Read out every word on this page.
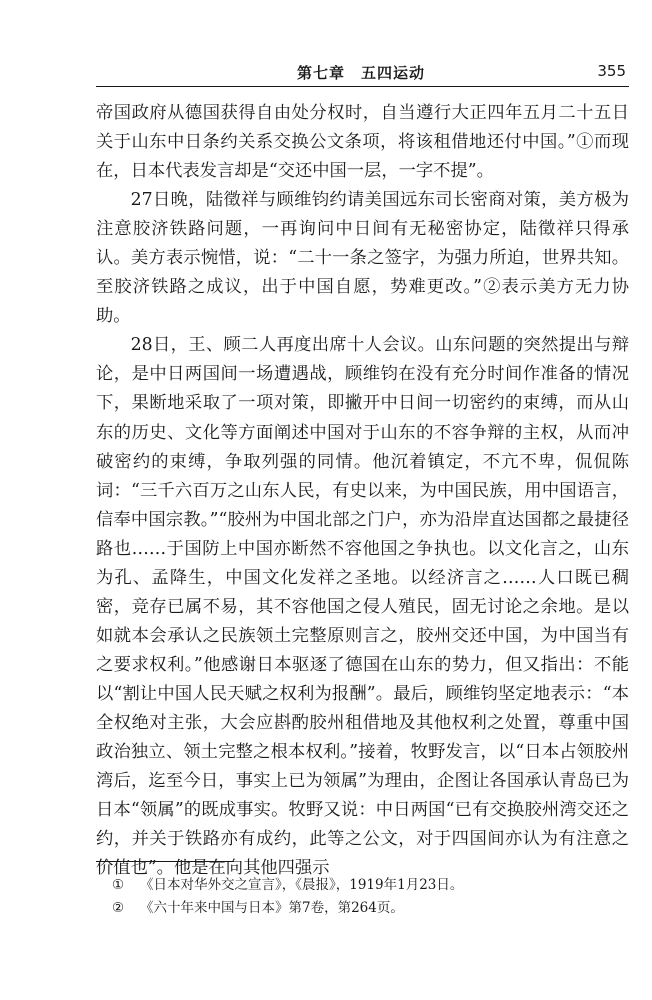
第七章　五四运动	355

帝国政府从德国获得自由处分权时，自当遵行大正四年五月二十五日关于山东中日条约关系交换公文条项，将该租借地还付中国。”①而现在，日本代表发言却是“交还中国一层，一字不提”。

27日晚，陆徵祥与顾维钧约请美国远东司长密商对策，美方极为注意胶济铁路问题，一再询问中日间有无秘密协定，陆徵祥只得承认。美方表示惋惜，说：“二十一条之签字，为强力所迫，世界共知。至胶济铁路之成议，出于中国自愿，势难更改。”②表示美方无力协助。

28日，王、顾二人再度出席十人会议。山东问题的突然提出与辩论，是中日两国间一场遭遇战，顾维钧在没有充分时间作准备的情况下，果断地采取了一项对策，即撇开中日间一切密约的束缚，而从山东的历史、文化等方面阐述中国对于山东的不容争辩的主权，从而冲破密约的束缚，争取列强的同情。他沉着镇定，不亢不卑，侃侃陈词：“三千六百万之山东人民，有史以来，为中国民族，用中国语言，信奉中国宗教。”“胶州为中国北部之门户，亦为沿岸直达国都之最捷径路也……于国防上中国亦断然不容他国之争执也。以文化言之，山东为孔、孟降生，中国文化发祥之圣地。以经济言之……人口既已稠密，竞存已属不易，其不容他国之侵人殖民，固无讨论之余地。是以如就本会承认之民族领土完整原则言之，胶州交还中国，为中国当有之要求权利。”他感谢日本驱逐了德国在山东的势力，但又指出：不能以“割让中国人民天赋之权利为报酬”。最后，顾维钧坚定地表示：“本全权绝对主张，大会应斟酌胶州租借地及其他权利之处置，尊重中国政治独立、领土完整之根本权利。”接着，牧野发言，以“日本占领胶州湾后，迄至今日，事实上已为领属”为理由，企图让各国承认青岛已为日本“领属”的既成事实。牧野又说：中日两国“已有交换胶州湾交还之约，并关于铁路亦有成约，此等之公文，对于四国间亦认为有注意之价值也”。他是在向其他四强示

① 《日本对华外交之宣言》，《晨报》，1919年1月23日。
② 《六十年来中国与日本》第7卷，第264页。
